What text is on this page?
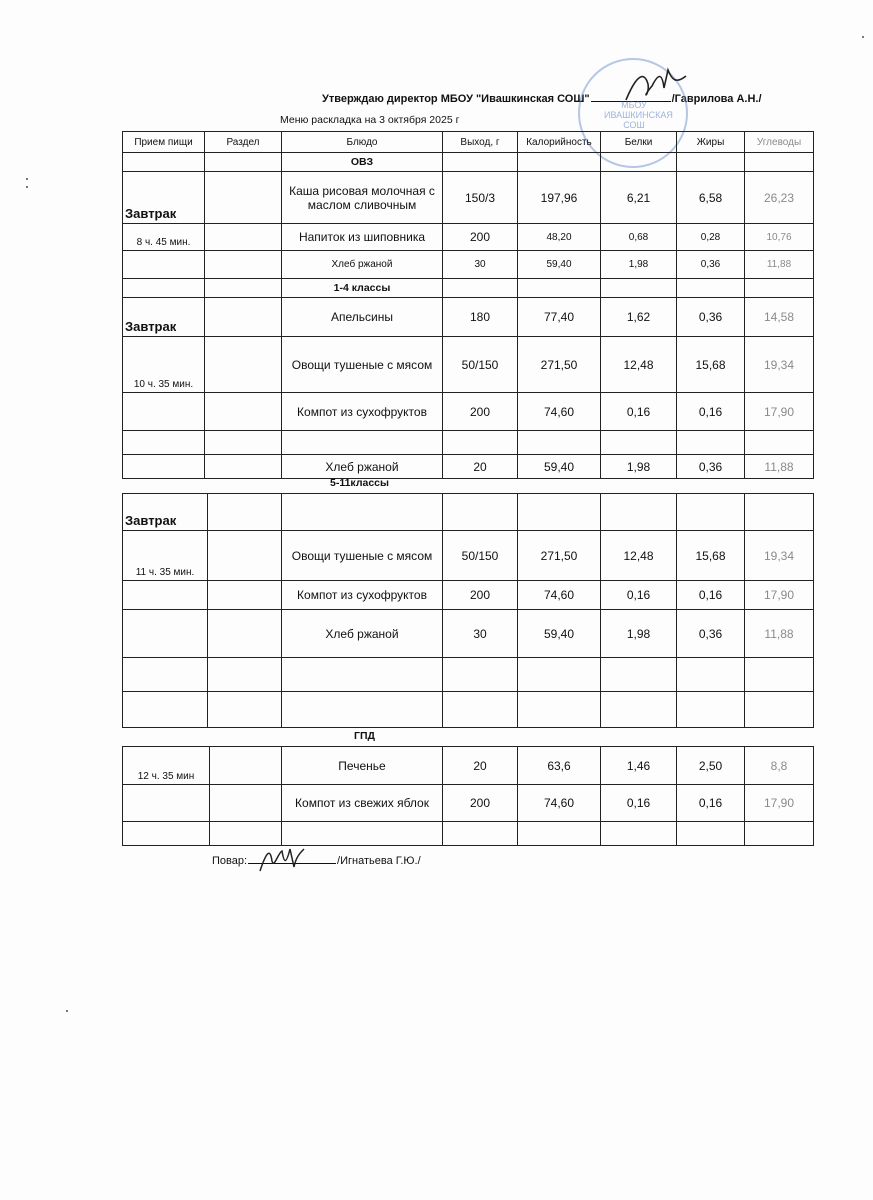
Утверждаю директор МБОУ "Ивашкинская СОШ"	/Гаврилова А.Н./
МБОУ ИВАШКИНСКАЯ СОШ
Меню раскладка на 3 октября 2025 г
Прием пищи	Раздел	Блюдо	Выход, г	Калорийность	Белки	Жиры	Углеводы
		ОВЗ					
Завтрак		Каша рисовая молочная с маслом сливочным	150/3	197,96	6,21	6,58	26,23
8 ч. 45 мин.		Напиток из шиповника	200	48,20	0,68	0,28	10,76
		Хлеб ржаной	30	59,40	1,98	0,36	11,88
		1-4 классы					
Завтрак		Апельсины	180	77,40	1,62	0,36	14,58
10 ч. 35 мин.		Овощи тушеные с мясом	50/150	271,50	12,48	15,68	19,34
		Компот из сухофруктов	200	74,60	0,16	0,16	17,90

		Хлеб ржаной	20	59,40	1,98	0,36	11,88
5-11классы
Завтрак							
11 ч. 35 мин.		Овощи тушеные с мясом	50/150	271,50	12,48	15,68	19,34
		Компот из сухофруктов	200	74,60	0,16	0,16	17,90
		Хлеб ржаной	30	59,40	1,98	0,36	11,88

ГПД
12 ч. 35 мин		Печенье	20	63,6	1,46	2,50	8,8
		Компот из свежих яблок	200	74,60	0,16	0,16	17,90

Повар:	/Игнатьева Г.Ю./
